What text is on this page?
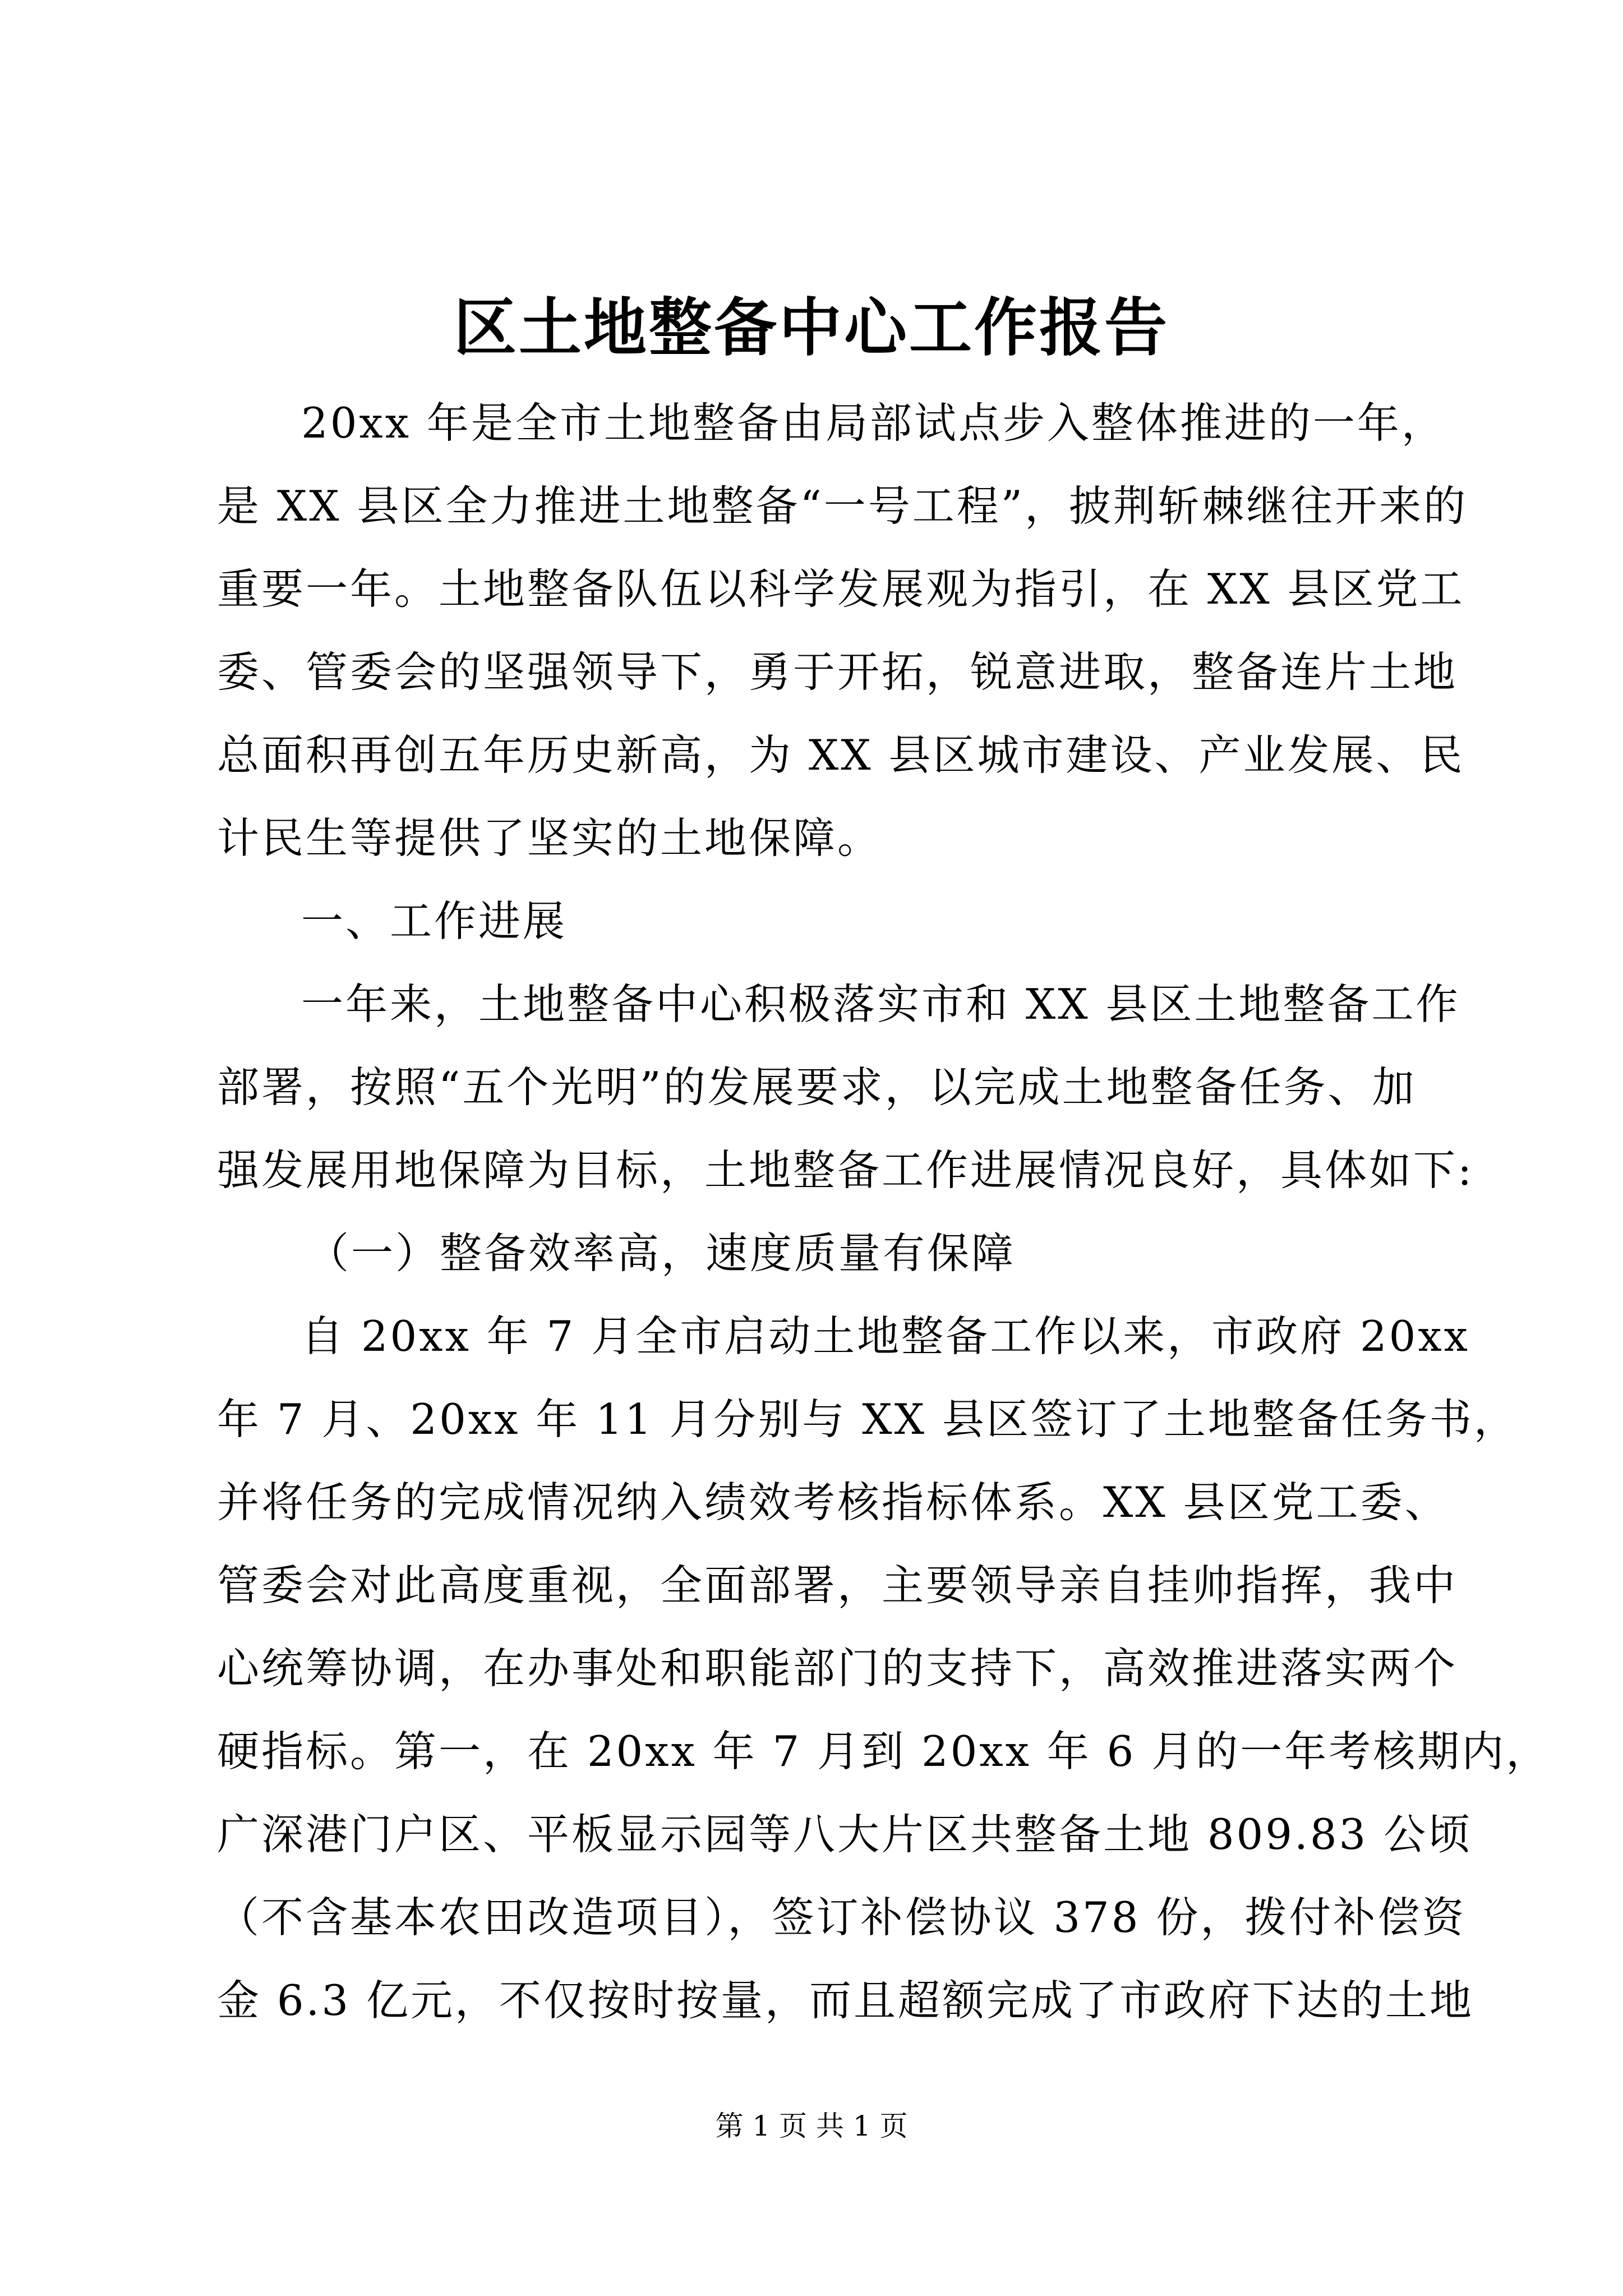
区土地整备中心工作报告
20xx 年是全市土地整备由局部试点步入整体推进的一年，
是 XX 县区全力推进土地整备“一号工程”，披荆斩棘继往开来的
重要一年。土地整备队伍以科学发展观为指引，在 XX 县区党工
委、管委会的坚强领导下，勇于开拓，锐意进取，整备连片土地
总面积再创五年历史新高，为 XX 县区城市建设、产业发展、民
计民生等提供了坚实的土地保障。
一、工作进展
一年来，土地整备中心积极落实市和 XX 县区土地整备工作
部署，按照“五个光明”的发展要求，以完成土地整备任务、加
强发展用地保障为目标，土地整备工作进展情况良好，具体如下:
（一）整备效率高，速度质量有保障
自 20xx 年 7 月全市启动土地整备工作以来，市政府 20xx
年 7 月、20xx 年 11 月分别与 XX 县区签订了土地整备任务书，
并将任务的完成情况纳入绩效考核指标体系。XX 县区党工委、
管委会对此高度重视，全面部署，主要领导亲自挂帅指挥，我中
心统筹协调，在办事处和职能部门的支持下，高效推进落实两个
硬指标。第一，在 20xx 年 7 月到 20xx 年 6 月的一年考核期内，
广深港门户区、平板显示园等八大片区共整备土地 809.83 公顷
（不含基本农田改造项目），签订补偿协议 378 份，拨付补偿资
金 6.3 亿元，不仅按时按量，而且超额完成了市政府下达的土地
第 1 页 共 1 页
